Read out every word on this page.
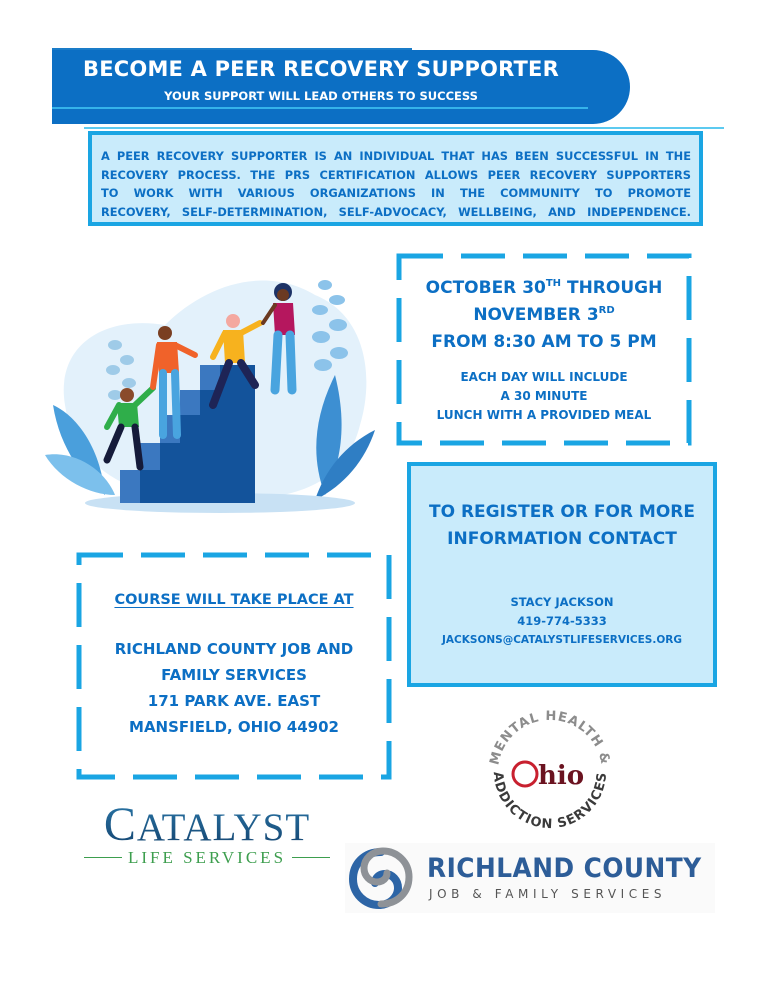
BECOME A PEER RECOVERY SUPPORTER
YOUR SUPPORT WILL LEAD OTHERS TO SUCCESS
A PEER RECOVERY SUPPORTER IS AN INDIVIDUAL THAT HAS BEEN SUCCESSFUL IN THE
RECOVERY PROCESS. THE PRS CERTIFICATION ALLOWS PEER RECOVERY SUPPORTERS
TO WORK WITH VARIOUS ORGANIZATIONS IN THE COMMUNITY TO PROMOTE
RECOVERY, SELF-DETERMINATION, SELF-ADVOCACY, WELLBEING, AND INDEPENDENCE.
OCTOBER 30TH THROUGH
NOVEMBER 3RD
FROM 8:30 AM TO 5 PM
EACH DAY WILL INCLUDE
A 30 MINUTE
LUNCH WITH A PROVIDED MEAL
TO REGISTER OR FOR MORE
INFORMATION CONTACT
STACY JACKSON
419-774-5333
JACKSONS@CATALYSTLIFESERVICES.ORG
COURSE WILL TAKE PLACE AT
RICHLAND COUNTY JOB AND
FAMILY SERVICES
171 PARK AVE. EAST
MANSFIELD, OHIO 44902
MENTAL HEALTH &
ADDICTION SERVICES
hio
CATALYST
LIFE SERVICES	RICHLAND COUNTY
JOB & FAMILY SERVICES
